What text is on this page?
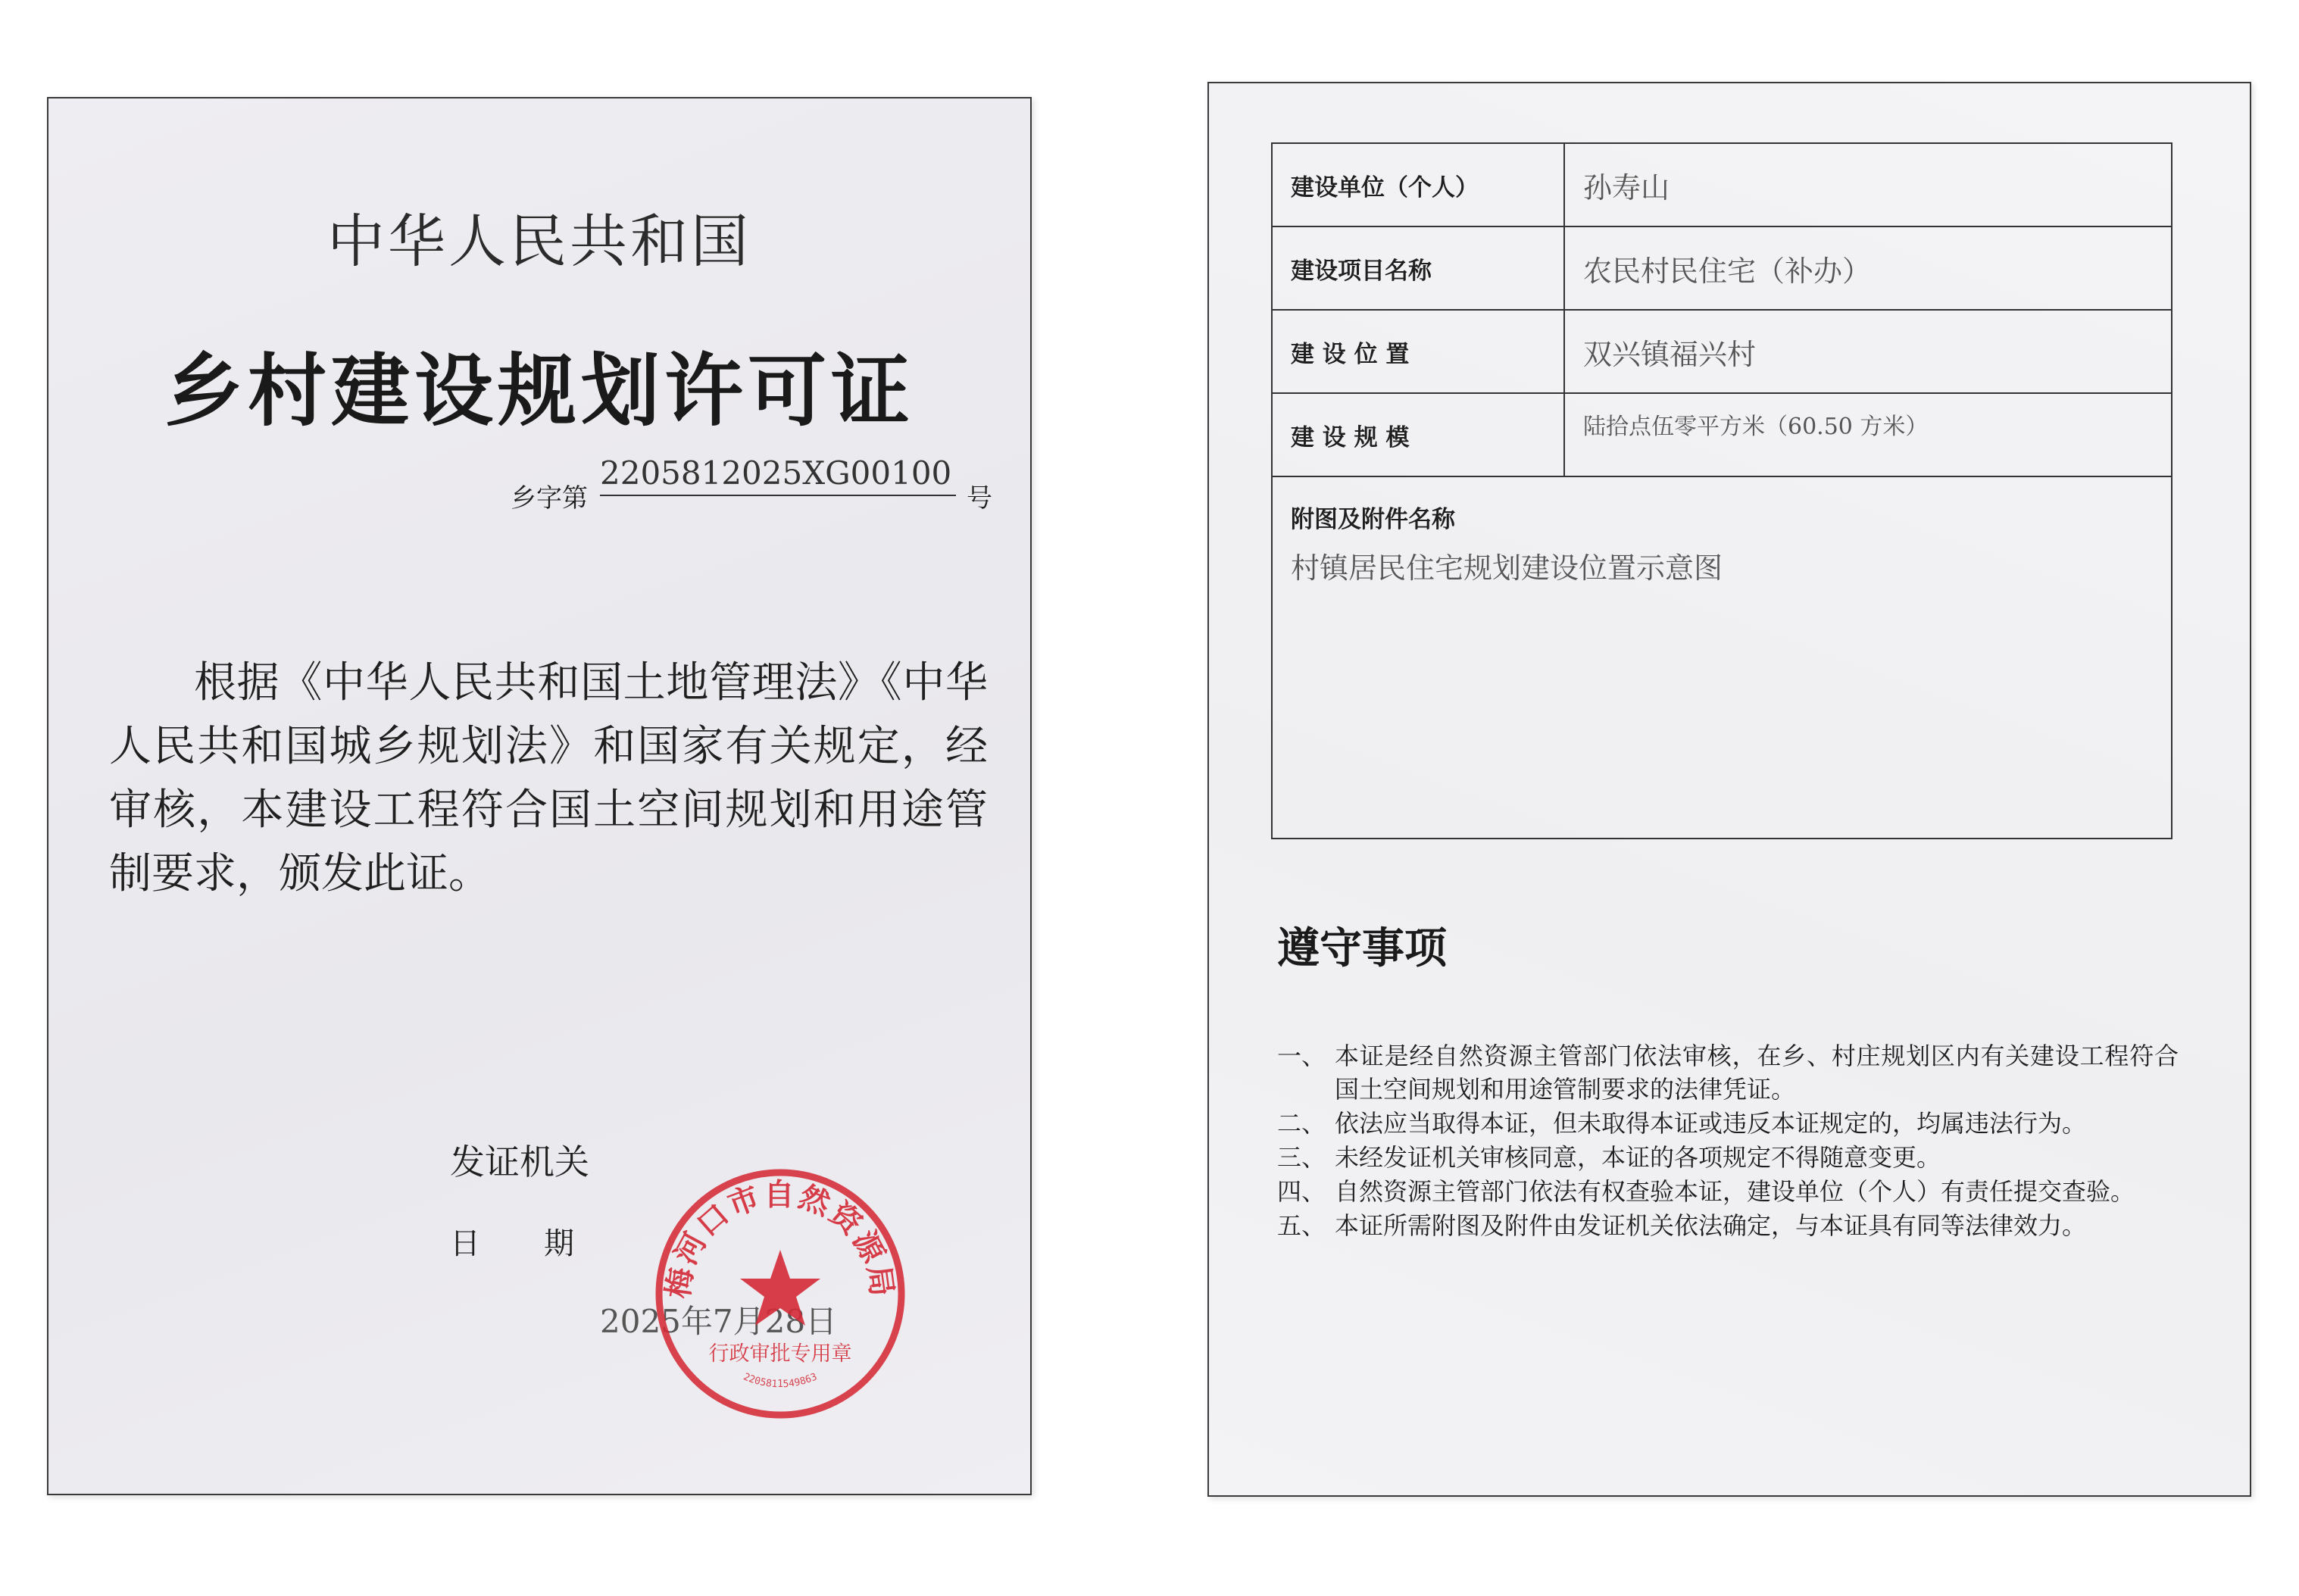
中华人民共和国
乡村建设规划许可证
乡字第
2205812025XG00100
号
根据《中华人民共和国土地管理法》《中华人民共和国城乡规划法》和国家有关规定，经审核，本建设工程符合国土空间规划和用途管制要求，颁发此证。
发证机关
日期
2025年7月28日
梅河口市自然资源局
行政审批专用章
2205811549863
建设单位（个人）	孙寿山
建设项目名称	农民村民住宅（补办）
建 设 位 置	双兴镇福兴村
建 设 规 模	陆拾点伍零平方米（60.50 方米）

附图及附件名称
村镇居民住宅规划建设位置示意图	
遵守事项
一、 本证是经自然资源主管部门依法审核，在乡、村庄规划区内有关建设工程符合国土空间规划和用途管制要求的法律凭证。
二、 依法应当取得本证，但未取得本证或违反本证规定的，均属违法行为。
三、 未经发证机关审核同意，本证的各项规定不得随意变更。
四、 自然资源主管部门依法有权查验本证，建设单位（个人）有责任提交查验。
五、 本证所需附图及附件由发证机关依法确定，与本证具有同等法律效力。
